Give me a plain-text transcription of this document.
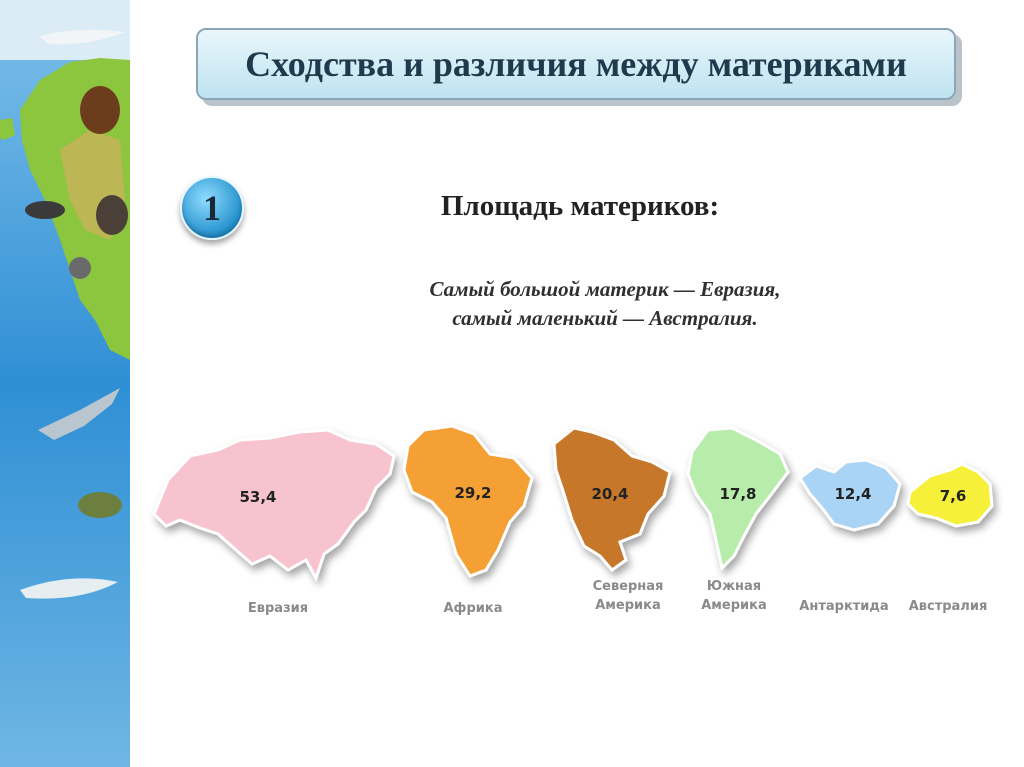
Сходства и различия между материками
1	Площадь материков:
Самый большой материк — Евразия,
самый маленький — Австралия.
53,4	29,2	20,4	17,8	12,4	7,6
Евразия	Африка
Северная
Америка
Южная
Америка	Антарктида Австралия
